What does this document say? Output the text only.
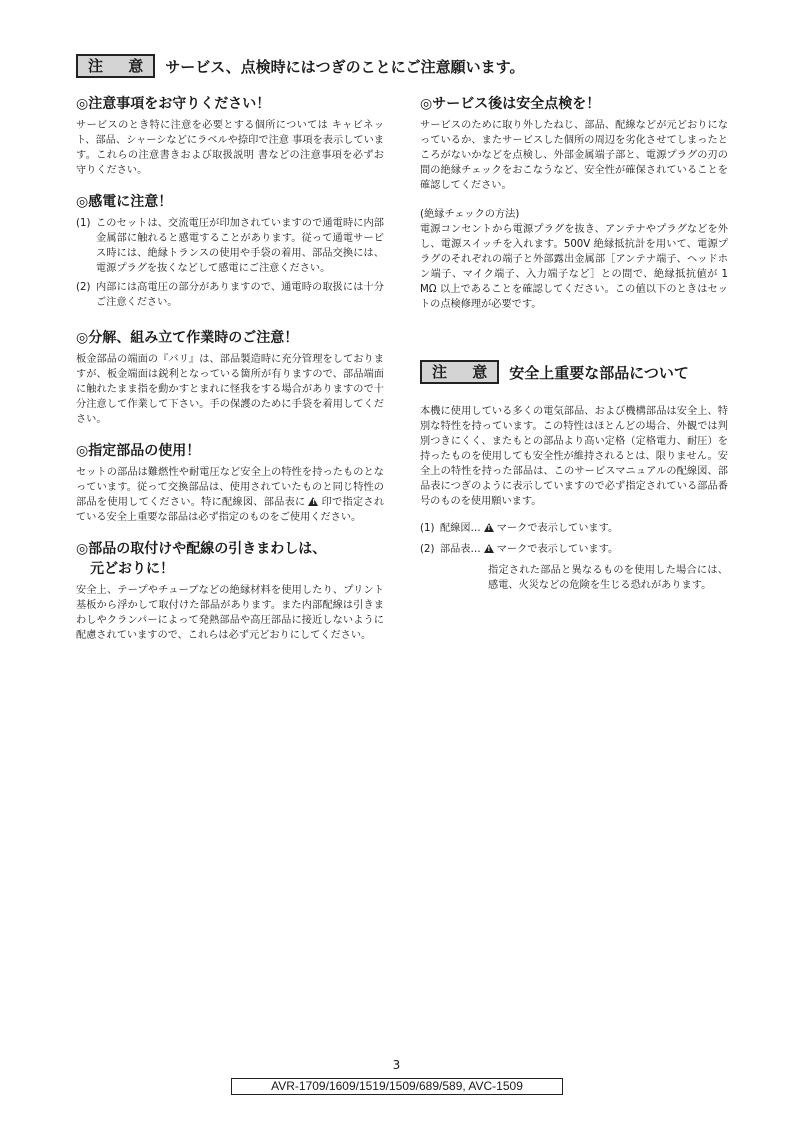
注 意 サービス、点検時にはつぎのことにご注意願います。

◎注意事項をお守りください！

サービスのとき特に注意を必要とする個所については キャビネット、部品、シャーシなどにラベルや捺印で注意 事項を表示しています。これらの注意書きおよび取扱説明 書などの注意事項を必ずお守りください。

◎感電に注意！

(1) このセットは、交流電圧が印加されていますので通電時に内部金属部に触れると感電することがあります。従って通電サービス時には、絶縁トランスの使用や手袋の着用、部品交換には、電源プラグを抜くなどして感電にご注意ください。
(2) 内部には高電圧の部分がありますので、通電時の取扱には十分ご注意ください。

◎分解、組み立て作業時のご注意！

板金部品の端面の『バリ』は、部品製造時に充分管理をしておりますが、板金端面は鋭利となっている箇所が有りますので、部品端面に触れたまま指を動かすとまれに怪我をする場合がありますので十分注意して作業して下さい。手の保護のために手袋を着用してください。

◎指定部品の使用！

セットの部品は難燃性や耐電圧など安全上の特性を持ったものとなっています。従って交換部品は、使用されていたものと同じ特性の部品を使用してください。特に配線図、部品表に ! 印で指定されている安全上重要な部品は必ず指定のものをご使用ください。

◎部品の取付けや配線の引きまわしは、

元どおりに！

安全上、テープやチューブなどの絶縁材料を使用したり、プリント基板から浮かして取付けた部品があります。また内部配線は引きまわしやクランパーによって発熱部品や高圧部品に接近しないように配慮されていますので、これらは必ず元どおりにしてください。

◎サービス後は安全点検を！

サービスのために取り外したねじ、部品、配線などが元どおりになっているか、またサービスした個所の周辺を劣化させてしまったところがないかなどを点検し、外部金属端子部と、電源プラグの刃の間の絶縁チェックをおこなうなど、安全性が確保されていることを確認してください。

(絶縁チェックの方法)

電源コンセントから電源プラグを抜き、アンテナやプラグなどを外し、電源スイッチを入れます。500V 絶縁抵抗計を用いて、電源プラグのそれぞれの端子と外部露出金属部［アンテナ端子、ヘッドホン端子、マイク端子、入力端子など］との間で、絶縁抵抗値が 1 MΩ 以上であることを確認してください。この値以下のときはセットの点検修理が必要です。

注 意 安全上重要な部品について

本機に使用している多くの電気部品、および機構部品は安全上、特別な特性を持っています。この特性はほとんどの場合、外観では判別つきにくく、またもとの部品より高い定格（定格電力、耐圧）を持ったものを使用しても安全性が維持されるとは、限りません。安全上の特性を持った部品は、このサービスマニュアルの配線図、部品表につぎのように表示していますので必ず指定されている部品番号のものを使用願います。

(1) 配線図… ! マークで表示しています。
(2) 部品表… ! マークで表示しています。

指定された部品と異なるものを使用した場合には、感電、火災などの危険を生じる恐れがあります。

3
AVR-1709/1609/1519/1509/689/589, AVC-1509
